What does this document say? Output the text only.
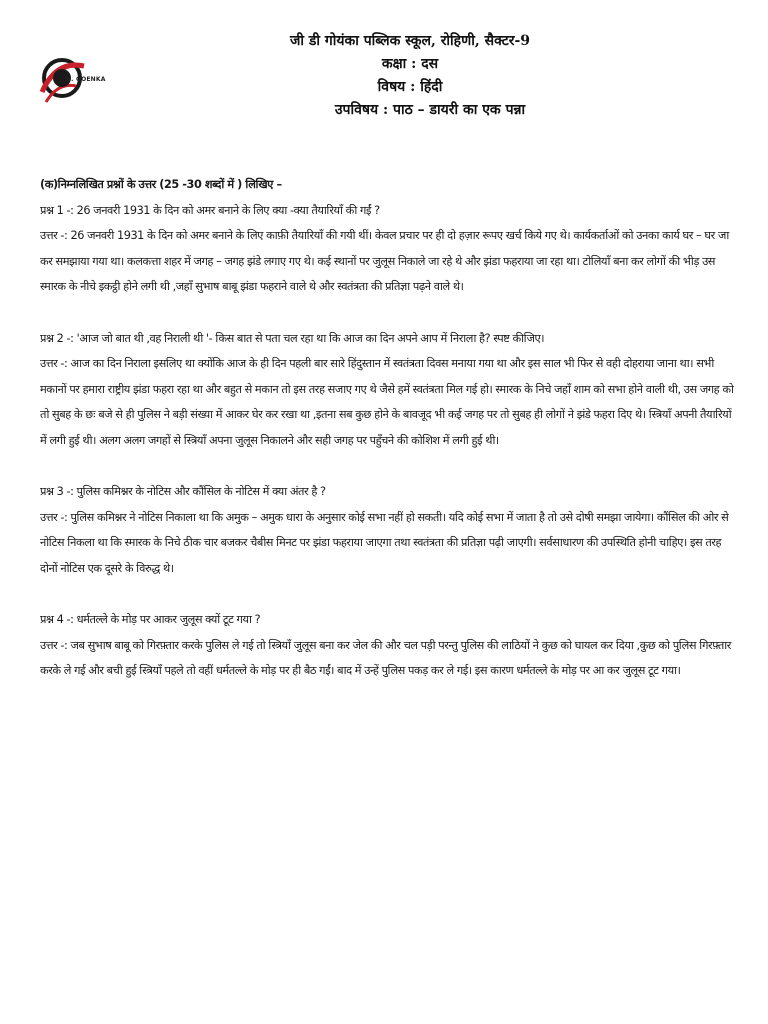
D. GOENKA
जी डी गोयंका पब्लिक स्कूल, रोहिणी, सैक्टर-9
कक्षा : दस
विषय : हिंदी
उपविषय : पाठ – डायरी का एक पन्ना

(क)निम्नलिखित प्रश्नों के उत्तर (25 -30 शब्दों में ) लिखिए –

प्रश्न 1 -: 26 जनवरी 1931 के दिन को अमर बनाने के लिए क्या -क्या तैयारियाँ की गईं ?

उत्तर -: 26 जनवरी 1931 के दिन को अमर बनाने के लिए काफ़ी तैयारियाँ की गयी थीं। केवल प्रचार पर ही दो हज़ार रूपए खर्च किये गए थे। कार्यकर्ताओं को उनका कार्य घर – घर जा कर समझाया गया था। कलकत्ता शहर में जगह – जगह झंडे लगाए गए थे। कई स्थानों पर जुलूस निकाले जा रहे थे और झंडा फहराया जा रहा था। टोलियाँ बना कर लोगों की भीड़ उस स्मारक के नीचे इकट्ठी होने लगी थी ,जहाँ सुभाष बाबू झंडा फहराने वाले थे और स्वतंत्रता की प्रतिज्ञा पढ़ने वाले थे।

प्रश्न 2 -: 'आज जो बात थी ,वह निराली थी '- किस बात से पता चल रहा था कि आज का दिन अपने आप में निराला है? स्पष्ट कीजिए।

उत्तर -: आज का दिन निराला इसलिए था क्योंकि आज के ही दिन पहली बार सारे हिंदुस्तान में स्वतंत्रता दिवस मनाया गया था और इस साल भी फिर से वही दोहराया जाना था। सभी मकानों पर हमारा राष्ट्रीय झंडा फहरा रहा था और बहुत से मकान तो इस तरह सजाए गए थे जैसे हमें स्वतंत्रता मिल गई हो। स्मारक के निचे जहाँ शाम को सभा होने वाली थी, उस जगह को तो सुबह के छः बजे से ही पुलिस ने बड़ी संख्या में आकर घेर कर रखा था ,इतना सब कुछ होने के बावजूद भी कई जगह पर तो सुबह ही लोगों ने झंडे फहरा दिए थे। स्त्रियाँ अपनी तैयारियों में लगी हुई थी। अलग अलग जगहों से स्त्रियाँ अपना जुलूस निकालने और सही जगह पर पहुँचने की कोशिश में लगी हुई थी।

प्रश्न 3 -: पुलिस कमिश्नर के नोटिस और कौंसिल के नोटिस में क्या अंतर है ?

उत्तर -: पुलिस कमिश्नर ने नोटिस निकाला था कि अमुक – अमुक धारा के अनुसार कोई सभा नहीं हो सकती। यदि कोई सभा में जाता है तो उसे दोषी समझा जायेगा। कौंसिल की ओर से नोटिस निकला था कि स्मारक के निचे ठीक चार बजकर चैबीस मिनट पर झंडा फहराया जाएगा तथा स्वतंत्रता की प्रतिज्ञा पढ़ी जाएगी। सर्वसाधारण की उपस्थिति होनी चाहिए। इस तरह दोनों नोटिस एक दूसरे के विरुद्ध थे।

प्रश्न 4 -: धर्मतल्ले के मोड़ पर आकर जुलूस क्यों टूट गया ?

उत्तर -: जब सुभाष बाबू को गिरफ़्तार करके पुलिस ले गई तो स्त्रियाँ जुलूस बना कर जेल की और चल पड़ी परन्तु पुलिस की लाठियों ने कुछ को घायल कर दिया ,कुछ को पुलिस गिरफ़्तार करके ले गई और बची हुई स्त्रियाँ पहले तो वहीं धर्मतल्ले के मोड़ पर ही बैठ गईं। बाद में उन्हें पुलिस पकड़ कर ले गई। इस कारण धर्मतल्ले के मोड़ पर आ कर जुलूस टूट गया।
